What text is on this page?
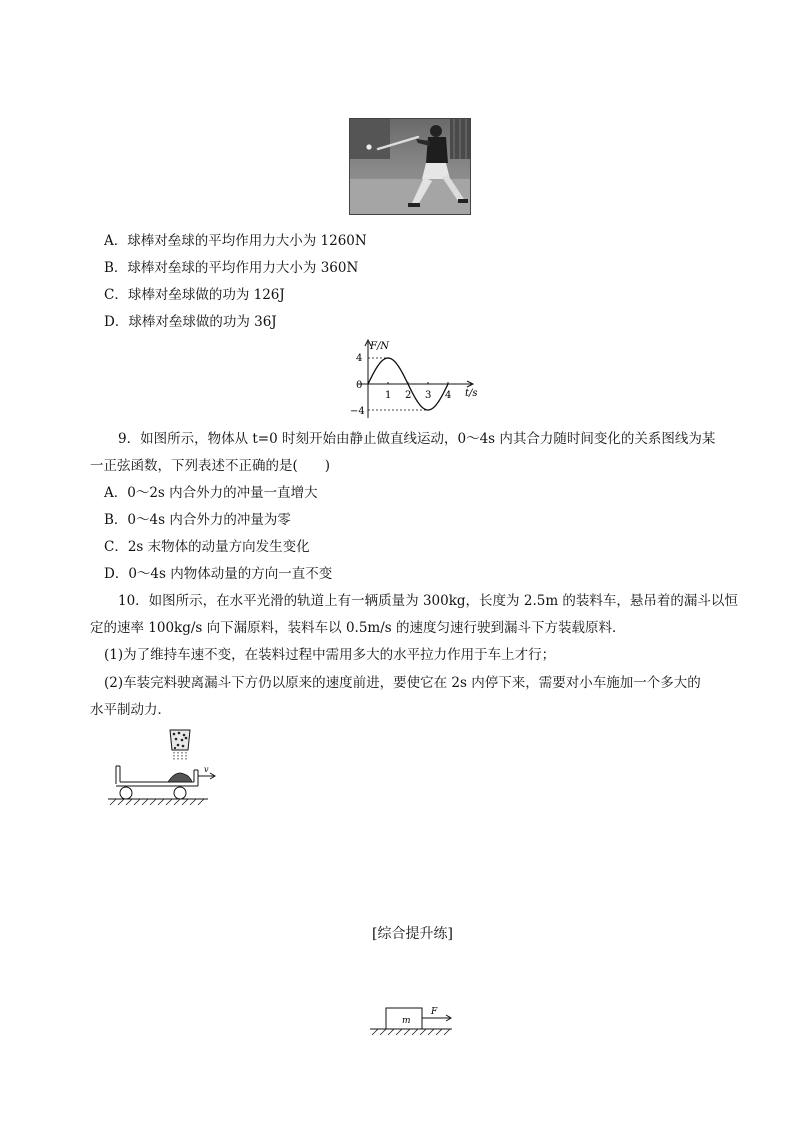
A．球棒对垒球的平均作用力大小为 1260N
B．球棒对垒球的平均作用力大小为 360N
C．球棒对垒球做的功为 126J
D．球棒对垒球做的功为 36J
F/N
t/s
4
0
−4
1 2 3 4
9．如图所示，物体从 t=0 时刻开始由静止做直线运动，0～4s 内其合力随时间变化的关系图线为某
一正弦函数，下列表述不正确的是(　　)
A．0～2s 内合外力的冲量一直增大
B．0～4s 内合外力的冲量为零
C．2s 末物体的动量方向发生变化
D．0～4s 内物体动量的方向一直不变
10．如图所示，在水平光滑的轨道上有一辆质量为 300kg，长度为 2.5m 的装料车，悬吊着的漏斗以恒
定的速率 100kg/s 向下漏原料，装料车以 0.5m/s 的速度匀速行驶到漏斗下方装载原料．
(1)为了维持车速不变，在装料过程中需用多大的水平拉力作用于车上才行；
(2)车装完料驶离漏斗下方仍以原来的速度前进，要使它在 2s 内停下来，需要对小车施加一个多大的
水平制动力．
v
[综合提升练]
m
F
